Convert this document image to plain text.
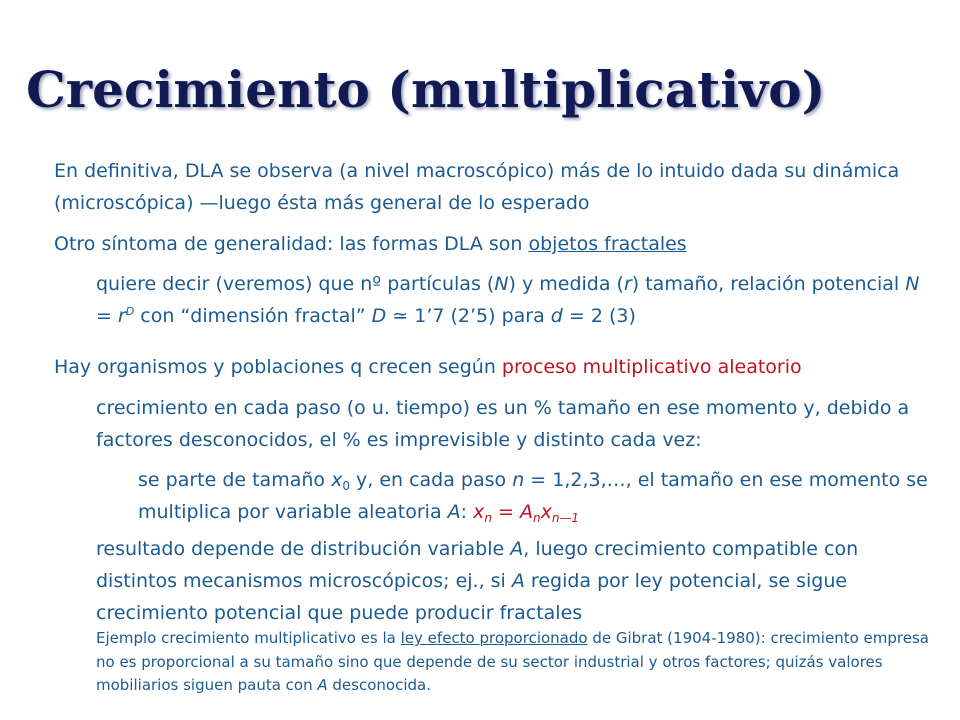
Crecimiento (multiplicativo)

En definitiva, DLA se observa (a nivel macroscópico) más de lo intuido dada su dinámica (microscópica) —luego ésta más general de lo esperado

Otro síntoma de generalidad: las formas DLA son objetos fractales

quiere decir (veremos) que nº partículas (N) y medida (r) tamaño, relación potencial $N = r^D$ con “dimensión fractal” D ≃ 1’7 (2’5) para d = 2 (3)

Hay organismos y poblaciones q crecen según proceso multiplicativo aleatorio

crecimiento en cada paso (o u. tiempo) es un % tamaño en ese momento y, debido a factores desconocidos, el % es imprevisible y distinto cada vez:

se parte de tamaño $x_0$ y, en cada paso n = 1,2,3,…, el tamaño en ese momento se multiplica por variable aleatoria A: $x_n = A_nx_{n—1}$

resultado depende de distribución variable A, luego crecimiento compatible con distintos mecanismos microscópicos; ej., si A regida por ley potencial, se sigue crecimiento potencial que puede producir fractales

Ejemplo crecimiento multiplicativo es la ley efecto proporcionado de Gibrat (1904-1980): crecimiento empresa no es proporcional a su tamaño sino que depende de su sector industrial y otros factores; quizás valores mobiliarios siguen pauta con A desconocida.
